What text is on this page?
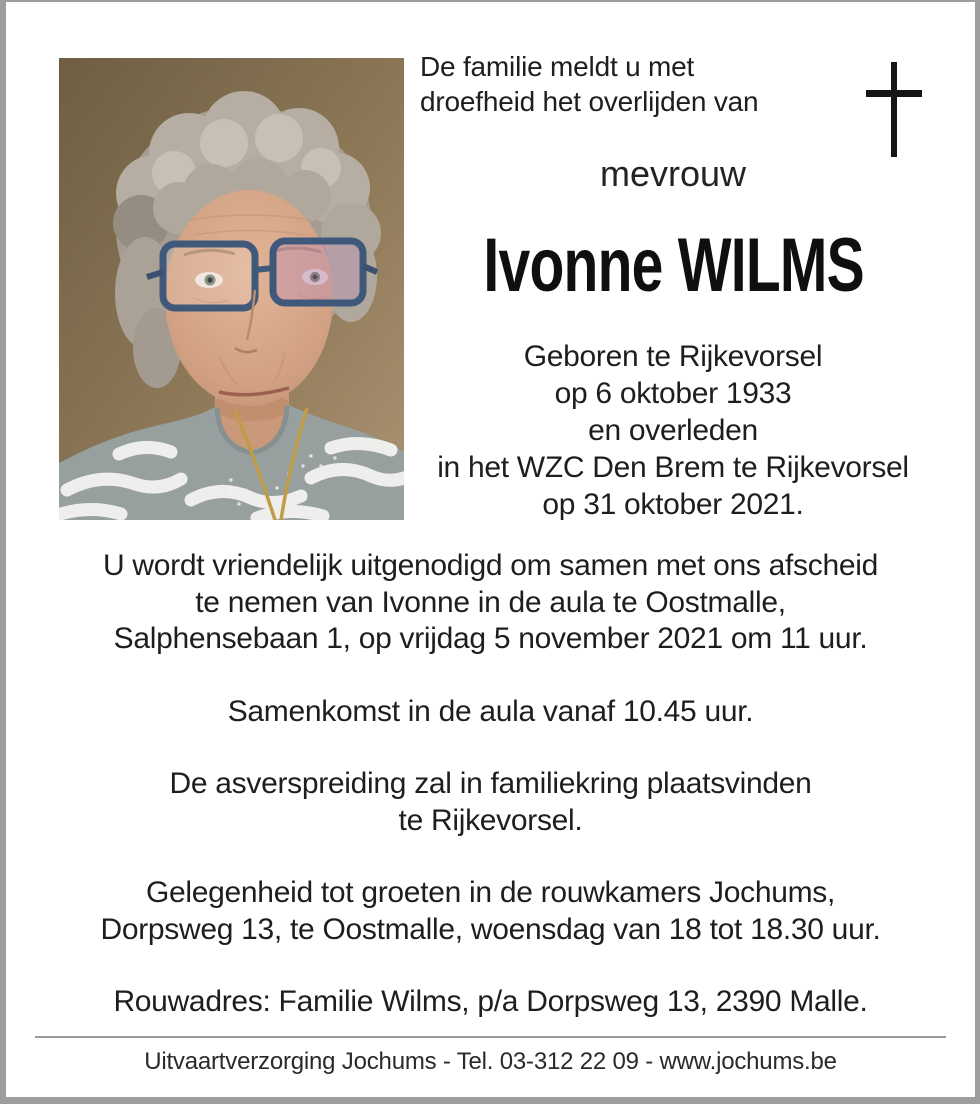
De familie meldt u met
droefheid het overlijden van
mevrouw
Ivonne WILMS
Geboren te Rijkevorsel
op 6 oktober 1933
en overleden
in het WZC Den Brem te Rijkevorsel
op 31 oktober 2021.

U wordt vriendelijk uitgenodigd om samen met ons afscheid
te nemen van Ivonne in de aula te Oostmalle,
Salphensebaan 1, op vrijdag 5 november 2021 om 11 uur.

Samenkomst in de aula vanaf 10.45 uur.

De asverspreiding zal in familiekring plaatsvinden
te Rijkevorsel.

Gelegenheid tot groeten in de rouwkamers Jochums,
Dorpsweg 13, te Oostmalle, woensdag van 18 tot 18.30 uur.

Rouwadres: Familie Wilms, p/a Dorpsweg 13, 2390 Malle.

Uitvaartverzorging Jochums - Tel. 03-312 22 09 - www.jochums.be
